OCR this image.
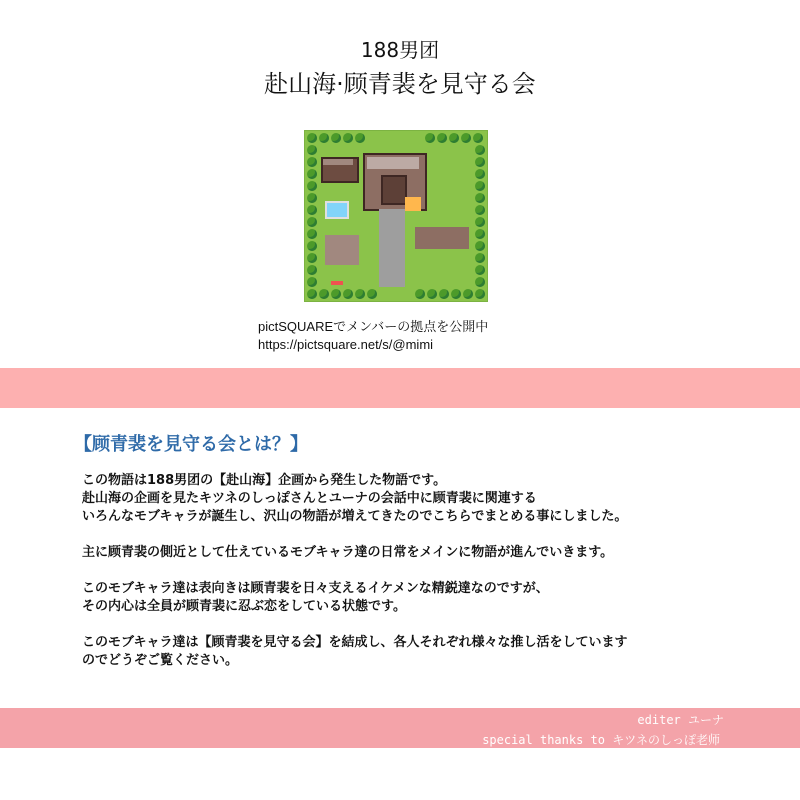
188男团
赴山海·顾青裴を見守る会
pictSQUAREでメンバーの拠点を公開中
https://pictsquare.net/s/@mimi
【顾青裴を見守る会とは？】
この物語は188男团の【赴山海】企画から発生した物語です。
赴山海の企画を見たキツネのしっぽさんとユーナの会話中に顾青裴に関連する
いろんなモブキャラが誕生し、沢山の物語が増えてきたのでこちらでまとめる事にしました。
主に顾青裴の側近として仕えているモブキャラ達の日常をメインに物語が進んでいきます。
このモブキャラ達は表向きは顾青裴を日々支えるイケメンな精鋭達なのですが、
その内心は全員が顾青裴に忍ぶ恋をしている状態です。
このモブキャラ達は【顾青裴を見守る会】を結成し、各人それぞれ様々な推し活をしています
のでどうぞご覧ください。
editer ユーナ
special thanks to キツネのしっぽ老师
